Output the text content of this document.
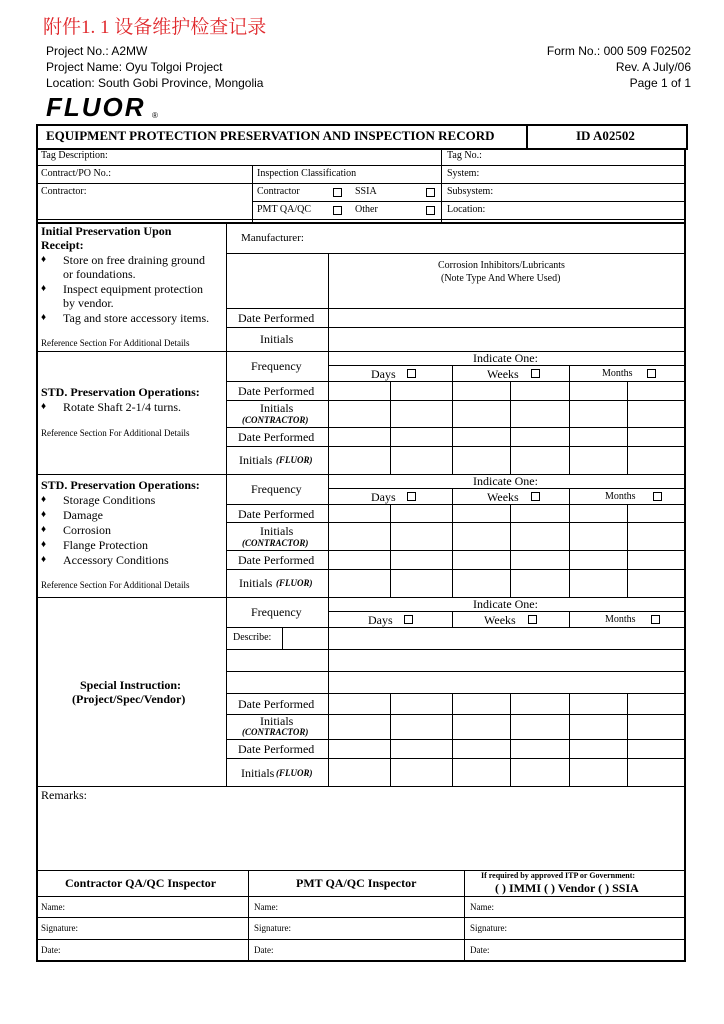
附件1. 1 设备维护检查记录
Project No.: A2MW
Project Name: Oyu Tolgoi Project
Location: South Gobi Province, Mongolia
Form No.: 000 509 F02502
Rev. A July/06
Page 1 of 1
FLUOR ®
EQUIPMENT PROTECTION PRESERVATION AND INSPECTION RECORD	ID A02502
Tag Description:	Tag No.:
Contract/PO No.:	Inspection Classification	System:
Contractor:	Contractor	SSIA	Subsystem:
PMT QA/QC	Other	Location:
Initial Preservation Upon
Receipt:
♦ Store on free draining ground
or foundations.
♦ Inspect equipment protection
by vendor.
♦ Tag and store accessory items.
Reference Section For Additional Details
Manufacturer:
Corrosion Inhibitors/Lubricants
(Note Type And Where Used)
Date Performed
Initials
STD. Preservation Operations:
♦ Rotate Shaft 2-1/4 turns.
Reference Section For Additional Details
Frequency
Indicate One:
Days	Weeks	Months
Date Performed
Initials
(CONTRACTOR)
Date Performed
Initials (FLUOR)
STD. Preservation Operations:
♦ Storage Conditions
♦ Damage
♦ Corrosion
♦ Flange Protection
♦ Accessory Conditions
Reference Section For Additional Details
Frequency
Indicate One:
Days	Weeks	Months
Date Performed
Initials
(CONTRACTOR)
Date Performed
Initials (FLUOR)
Special Instruction:
(Project/Spec/Vendor)
Frequency
Indicate One:
Days	Weeks	Months
Describe:
Date Performed
Initials
(CONTRACTOR)
Date Performed
Initials (FLUOR)
Remarks:
Contractor QA/QC Inspector	PMT QA/QC Inspector
If required by approved ITP or Government:
( ) IMMI ( ) Vendor ( ) SSIA
Name:	Name:	Name:
Signature:	Signature:	Signature:
Date:	Date:	Date:
